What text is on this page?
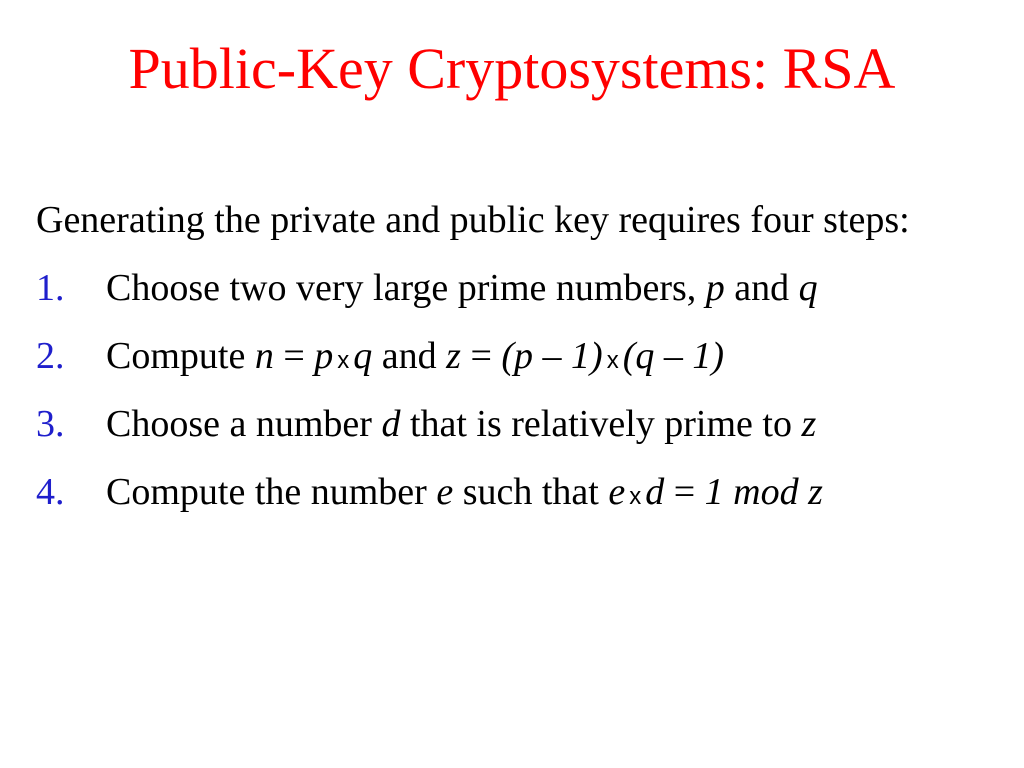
Public-Key Cryptosystems: RSA
Generating the private and public key requires four steps:
1.	Choose two very large prime numbers, p and q
2.	Compute n = p x q and z = (p – 1) x (q – 1)
3.	Choose a number d that is relatively prime to z
4.	Compute the number e such that e x d = 1 mod z
